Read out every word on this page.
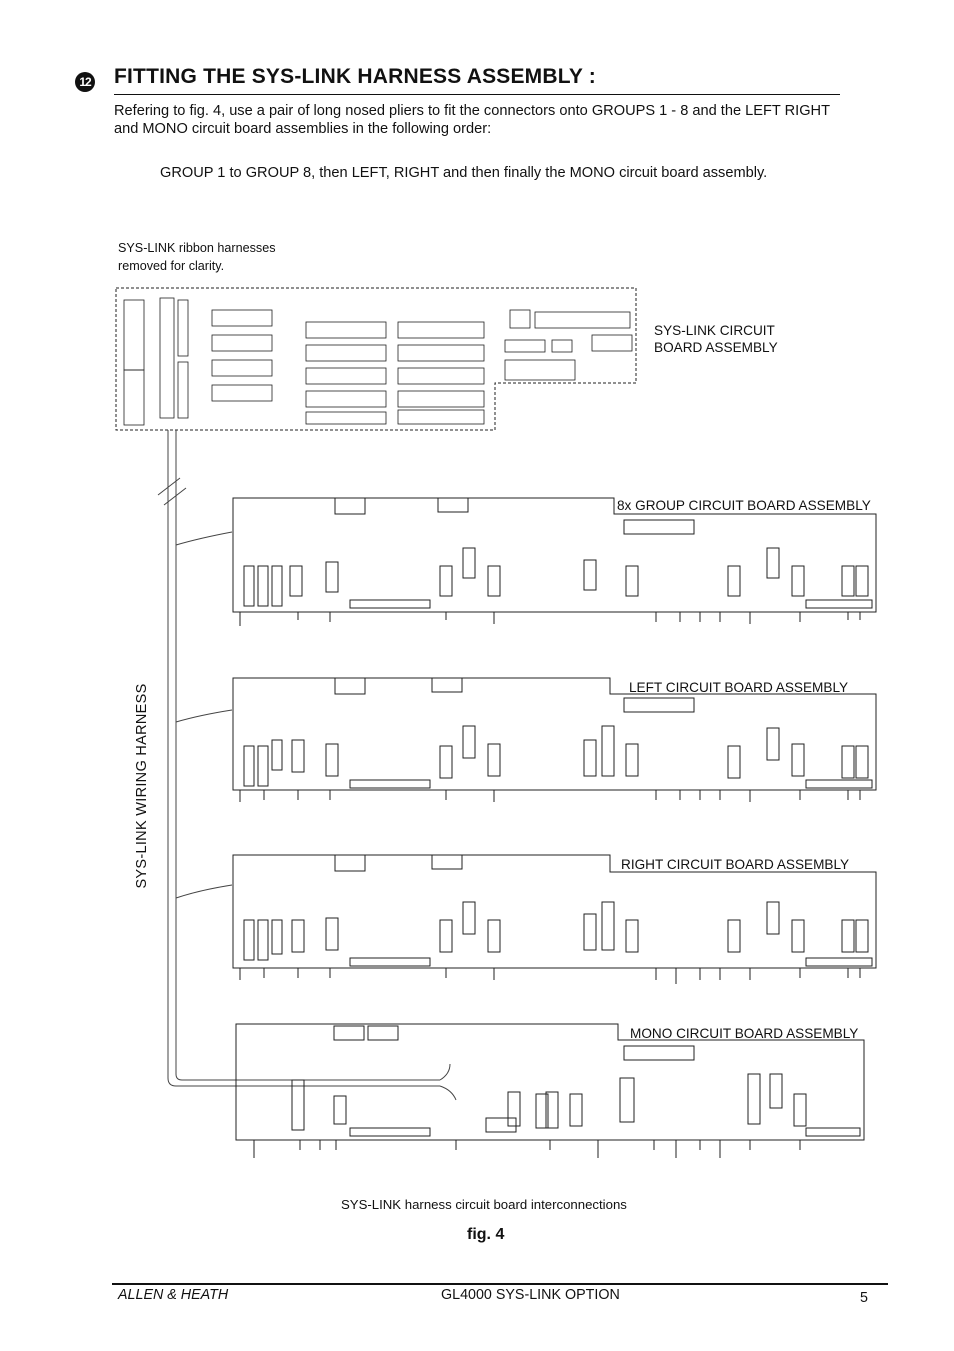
12 FITTING THE SYS-LINK HARNESS ASSEMBLY :
Refering to fig. 4, use a pair of long nosed pliers to fit the connectors onto GROUPS 1 - 8 and the LEFT RIGHT and MONO circuit board assemblies in the following order:
GROUP 1 to GROUP 8, then LEFT, RIGHT and then finally the MONO circuit board assembly.
SYS-LINK ribbon harnesses
removed for clarity.
SYS-LINK CIRCUIT
BOARD ASSEMBLY
8x GROUP CIRCUIT BOARD ASSEMBLY
LEFT CIRCUIT BOARD ASSEMBLY
RIGHT CIRCUIT BOARD ASSEMBLY
MONO CIRCUIT BOARD ASSEMBLY
SYS-LINK WIRING HARNESS
SYS-LINK harness circuit board interconnections
fig. 4
ALLEN & HEATH	GL4000 SYS-LINK OPTION	5
